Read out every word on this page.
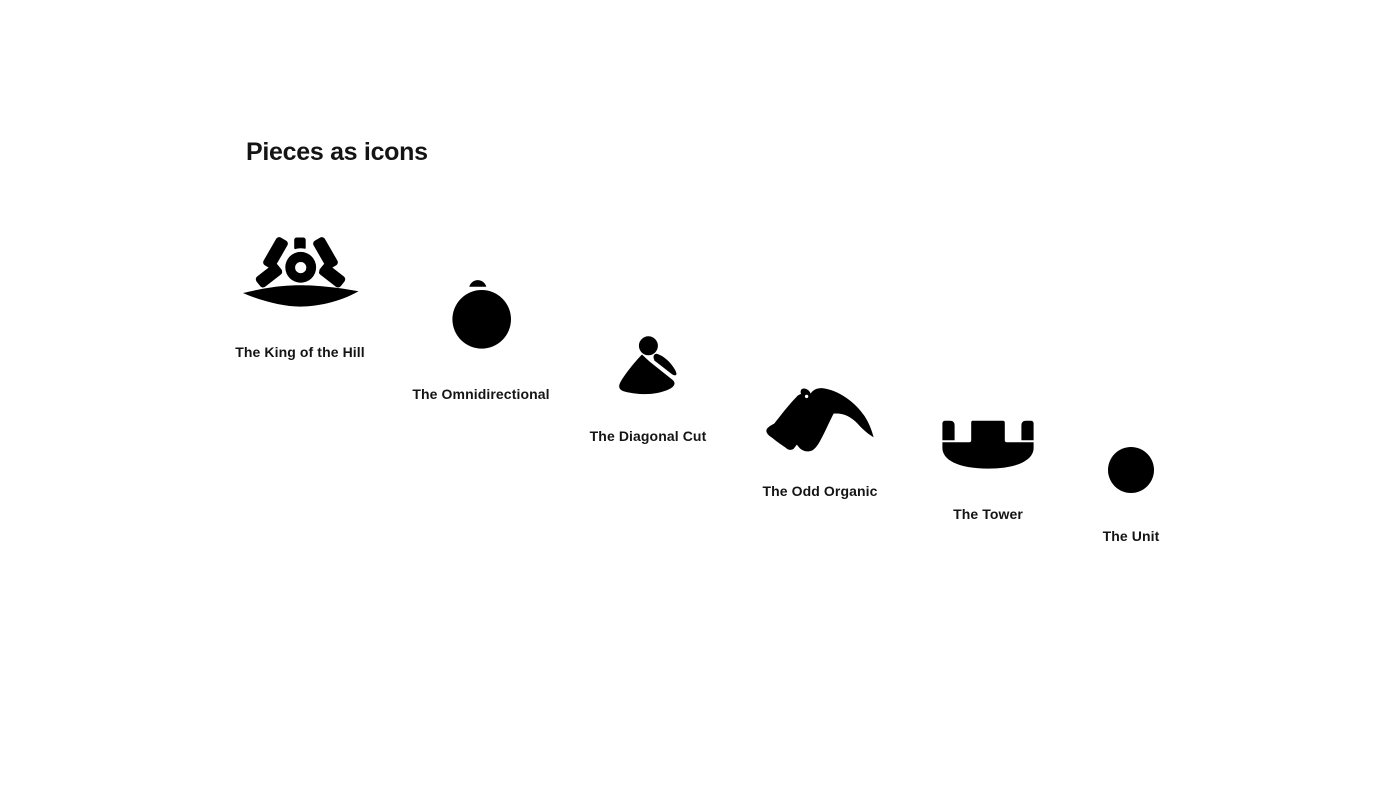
Pieces as icons
The King of the Hill
The Omnidirectional
The Diagonal Cut
The Odd Organic
The Tower
The Unit
